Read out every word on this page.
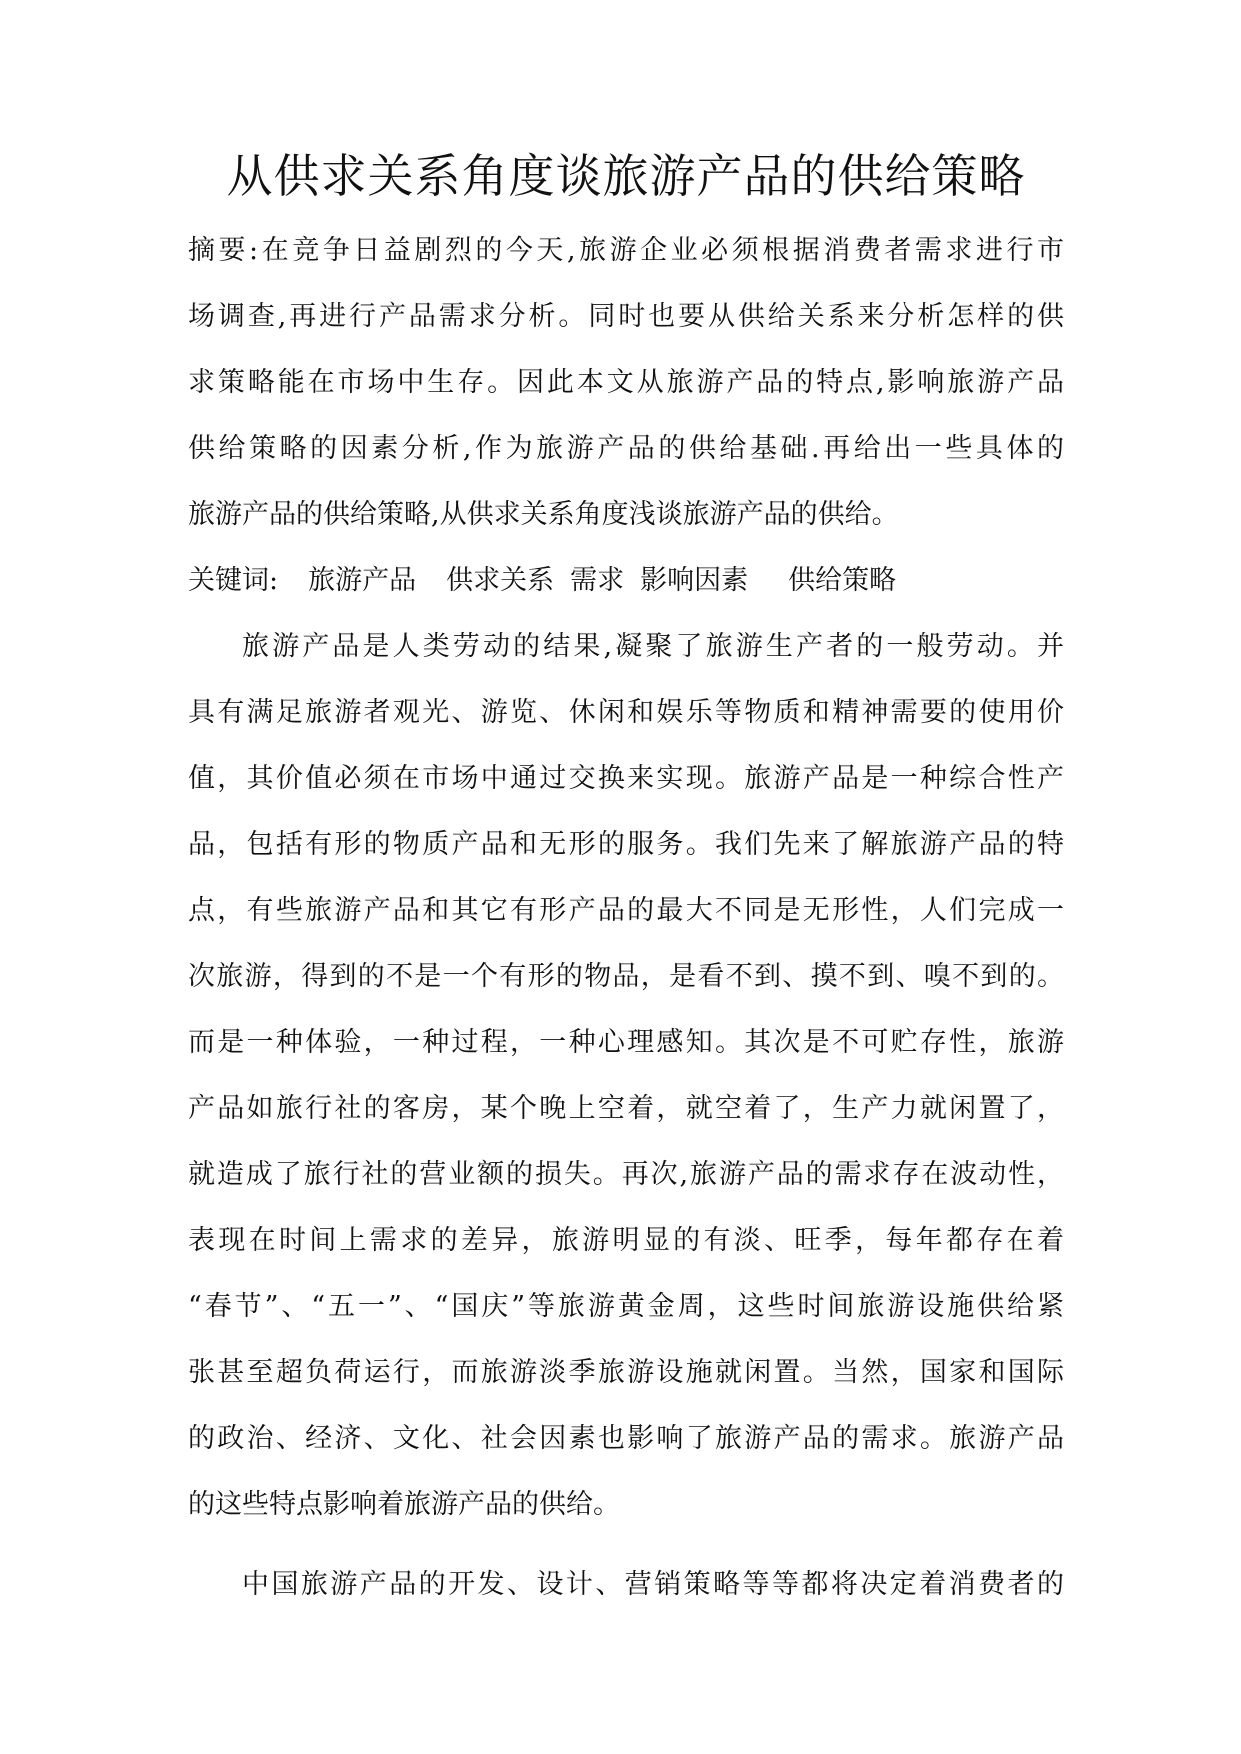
从供求关系角度谈旅游产品的供给策略
摘要:在竞争日益剧烈的今天,旅游企业必须根据消费者需求进行市
场调查,再进行产品需求分析。同时也要从供给关系来分析怎样的供
求策略能在市场中生存。因此本文从旅游产品的特点,影响旅游产品
供给策略的因素分析,作为旅游产品的供给基础.再给出一些具体的
旅游产品的供给策略,从供求关系角度浅谈旅游产品的供给。
关键词: 旅游产品 供求关系 需求 影响因素 供给策略
旅游产品是人类劳动的结果,凝聚了旅游生产者的一般劳动。并
具有满足旅游者观光、游览、休闲和娱乐等物质和精神需要的使用价
值，其价值必须在市场中通过交换来实现。旅游产品是一种综合性产
品，包括有形的物质产品和无形的服务。我们先来了解旅游产品的特
点，有些旅游产品和其它有形产品的最大不同是无形性，人们完成一
次旅游，得到的不是一个有形的物品，是看不到、摸不到、嗅不到的。
而是一种体验，一种过程，一种心理感知。其次是不可贮存性，旅游
产品如旅行社的客房，某个晚上空着，就空着了，生产力就闲置了，
就造成了旅行社的营业额的损失。再次,旅游产品的需求存在波动性，
表现在时间上需求的差异，旅游明显的有淡、旺季，每年都存在着
“春节”、“五一”、“国庆”等旅游黄金周，这些时间旅游设施供给紧
张甚至超负荷运行，而旅游淡季旅游设施就闲置。当然，国家和国际
的政治、经济、文化、社会因素也影响了旅游产品的需求。旅游产品
的这些特点影响着旅游产品的供给。
中国旅游产品的开发、设计、营销策略等等都将决定着消费者的
